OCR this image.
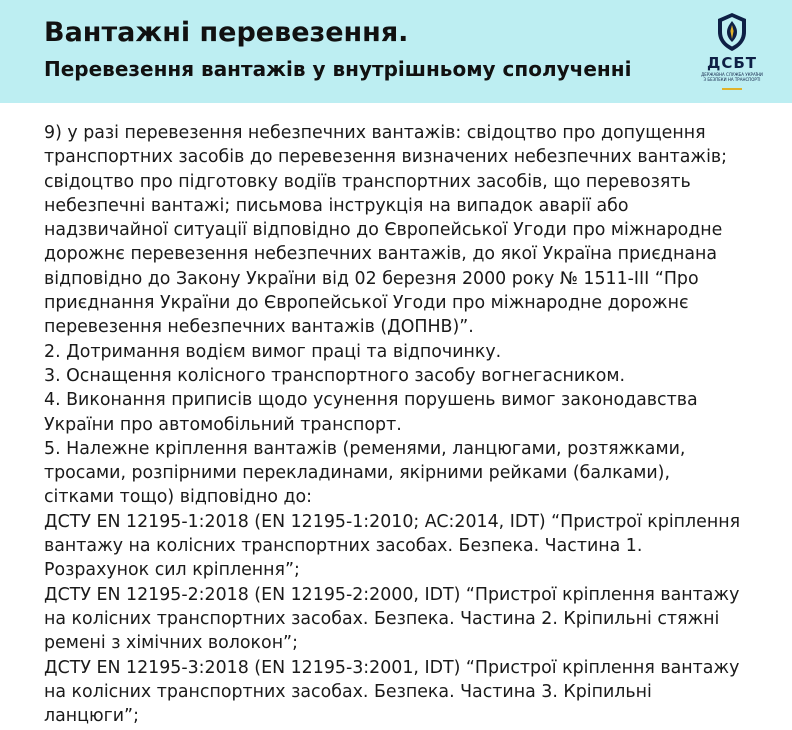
Вантажні перевезення.
Перевезення вантажів у внутрішньому сполученні	ДСБТ
ДЕРЖАВНА СЛУЖБА УКРАЇНИ З БЕЗПЕКИ НА ТРАНСПОРТІ

9) у разі перевезення небезпечних вантажів: свідоцтво про допущення

транспортних засобів до перевезення визначених небезпечних вантажів;

свідоцтво про підготовку водіїв транспортних засобів, що перевозять

небезпечні вантажі; письмова інструкція на випадок аварії або

надзвичайної ситуації відповідно до Європейської Угоди про міжнародне

дорожнє перевезення небезпечних вантажів, до якої Україна приєднана

відповідно до Закону України від 02 березня 2000 року № 1511-ІІІ “Про

приєднання України до Європейської Угоди про міжнародне дорожнє

перевезення небезпечних вантажів (ДОПНВ)”.

2. Дотримання водієм вимог праці та відпочинку.

3. Оснащення колісного транспортного засобу вогнегасником.

4. Виконання приписів щодо усунення порушень вимог законодавства

України про автомобільний транспорт.

5. Належне кріплення вантажів (ременями, ланцюгами, розтяжками,

тросами, розпірними перекладинами, якірними рейками (балками),

сітками тощо) відповідно до:

ДСТУ EN 12195-1:2018 (EN 12195-1:2010; AC:2014, IDT) “Пристрої кріплення

вантажу на колісних транспортних засобах. Безпека. Частина 1.

Розрахунок сил кріплення”;

ДСТУ EN 12195-2:2018 (EN 12195-2:2000, IDT) “Пристрої кріплення вантажу

на колісних транспортних засобах. Безпека. Частина 2. Кріпильні стяжні

ремені з хімічних волокон”;

ДСТУ EN 12195-3:2018 (EN 12195-3:2001, IDT) “Пристрої кріплення вантажу

на колісних транспортних засобах. Безпека. Частина 3. Кріпильні

ланцюги”;
